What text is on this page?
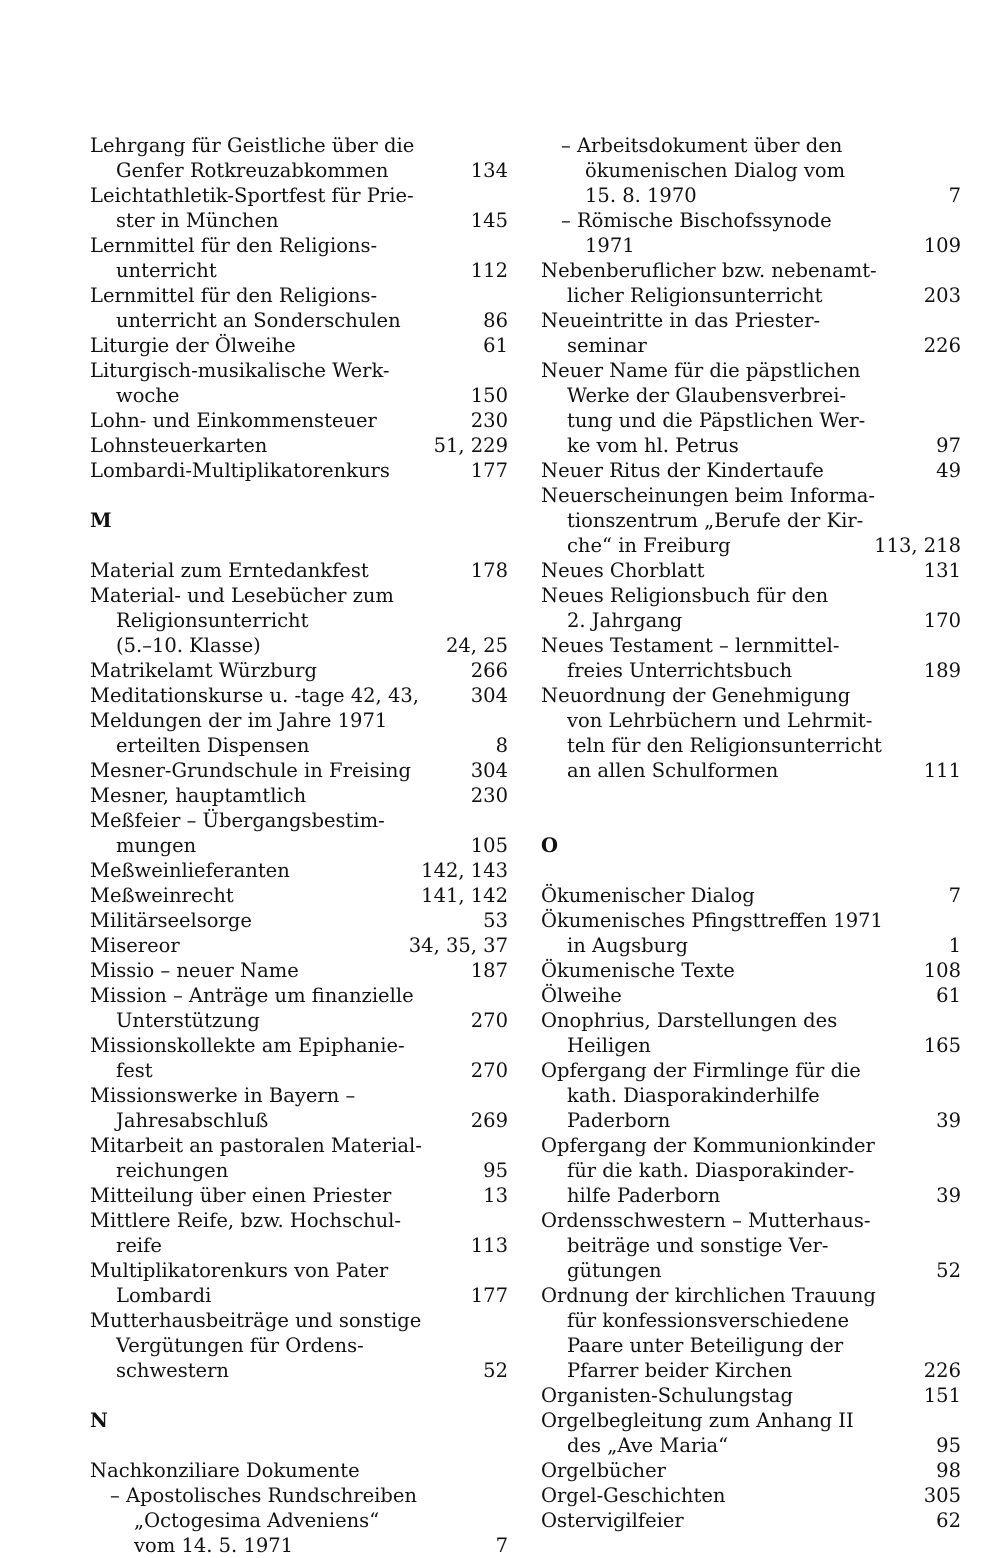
Lehrgang für Geistliche über die
Genfer Rotkreuzabkommen	134
Leichtathletik-Sportfest für Prie-
ster in München	145
Lernmittel für den Religions-
unterricht	112
Lernmittel für den Religions-
unterricht an Sonderschulen	86
Liturgie der Ölweihe	61
Liturgisch-musikalische Werk-
woche	150
Lohn- und Einkommensteuer	230
Lohnsteuerkarten	51, 229
Lombardi-Multiplikatorenkurs	177
M
Material zum Erntedankfest	178
Material- und Lesebücher zum
Religionsunterricht
(5.–10. Klasse)	24, 25
Matrikelamt Würzburg	266
Meditationskurse u. -tage 42, 43,	304
Meldungen der im Jahre 1971
erteilten Dispensen	8
Mesner-Grundschule in Freising	304
Mesner, hauptamtlich	230
Meßfeier – Übergangsbestim-
mungen	105
Meßweinlieferanten	142, 143
Meßweinrecht	141, 142
Militärseelsorge	53
Misereor	34, 35, 37
Missio – neuer Name	187
Mission – Anträge um finanzielle
Unterstützung	270
Missionskollekte am Epiphanie-
fest	270
Missionswerke in Bayern –
Jahresabschluß	269
Mitarbeit an pastoralen Material-
reichungen	95
Mitteilung über einen Priester	13
Mittlere Reife, bzw. Hochschul-
reife	113
Multiplikatorenkurs von Pater
Lombardi	177
Mutterhausbeiträge und sonstige
Vergütungen für Ordens-
schwestern	52
N
Nachkonziliare Dokumente
– Apostolisches Rundschreiben
„Octogesima Adveniens“
vom 14. 5. 1971	7
– Arbeitsdokument über den
ökumenischen Dialog vom
15. 8. 1970	7
– Römische Bischofssynode
1971	109
Nebenberuflicher bzw. nebenamt-
licher Religionsunterricht	203
Neueintritte in das Priester-
seminar	226
Neuer Name für die päpstlichen
Werke der Glaubensverbrei-
tung und die Päpstlichen Wer-
ke vom hl. Petrus	97
Neuer Ritus der Kindertaufe	49
Neuerscheinungen beim Informa-
tionszentrum „Berufe der Kir-
che“ in Freiburg	113, 218
Neues Chorblatt	131
Neues Religionsbuch für den
2. Jahrgang	170
Neues Testament – lernmittel-
freies Unterrichtsbuch	189
Neuordnung der Genehmigung
von Lehrbüchern und Lehrmit-
teln für den Religionsunterricht
an allen Schulformen	111
O
Ökumenischer Dialog	7
Ökumenisches Pfingsttreffen 1971
in Augsburg	1
Ökumenische Texte	108
Ölweihe	61
Onophrius, Darstellungen des
Heiligen	165
Opfergang der Firmlinge für die
kath. Diasporakinderhilfe
Paderborn	39
Opfergang der Kommunionkinder
für die kath. Diasporakinder-
hilfe Paderborn	39
Ordensschwestern – Mutterhaus-
beiträge und sonstige Ver-
gütungen	52
Ordnung der kirchlichen Trauung
für konfessionsverschiedene
Paare unter Beteiligung der
Pfarrer beider Kirchen	226
Organisten-Schulungstag	151
Orgelbegleitung zum Anhang II
des „Ave Maria“	95
Orgelbücher	98
Orgel-Geschichten	305
Ostervigilfeier	62
